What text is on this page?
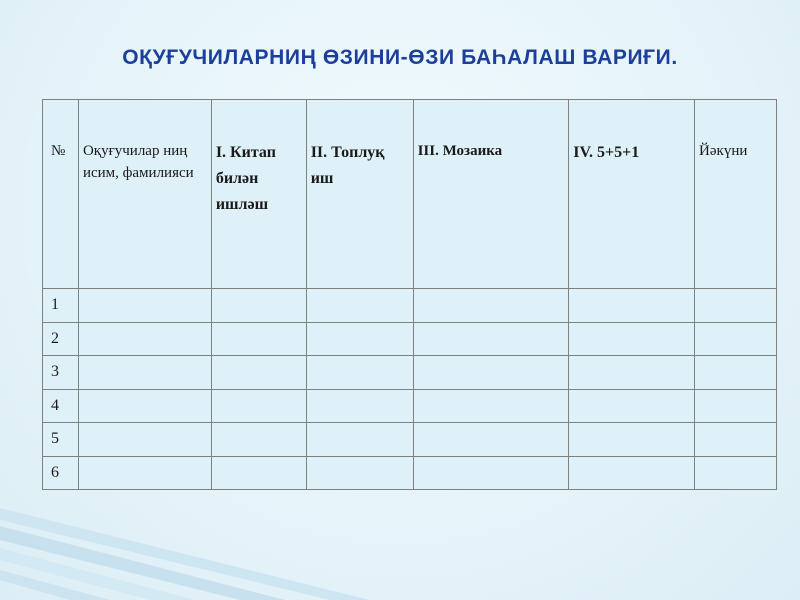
ОҚУҒУЧИЛАРНИҢ ӨЗИНИ-ӨЗИ БАҺАЛАШ ВАРИҒИ.
№	Оқуғучилар ниң исим, фамилияси	I. Китап билән ишләш	II. Топлуқ иш	III. Мозаика	IV. 5+5+1	Йәкүни

1						
2						
3						
4						
5						
6						
